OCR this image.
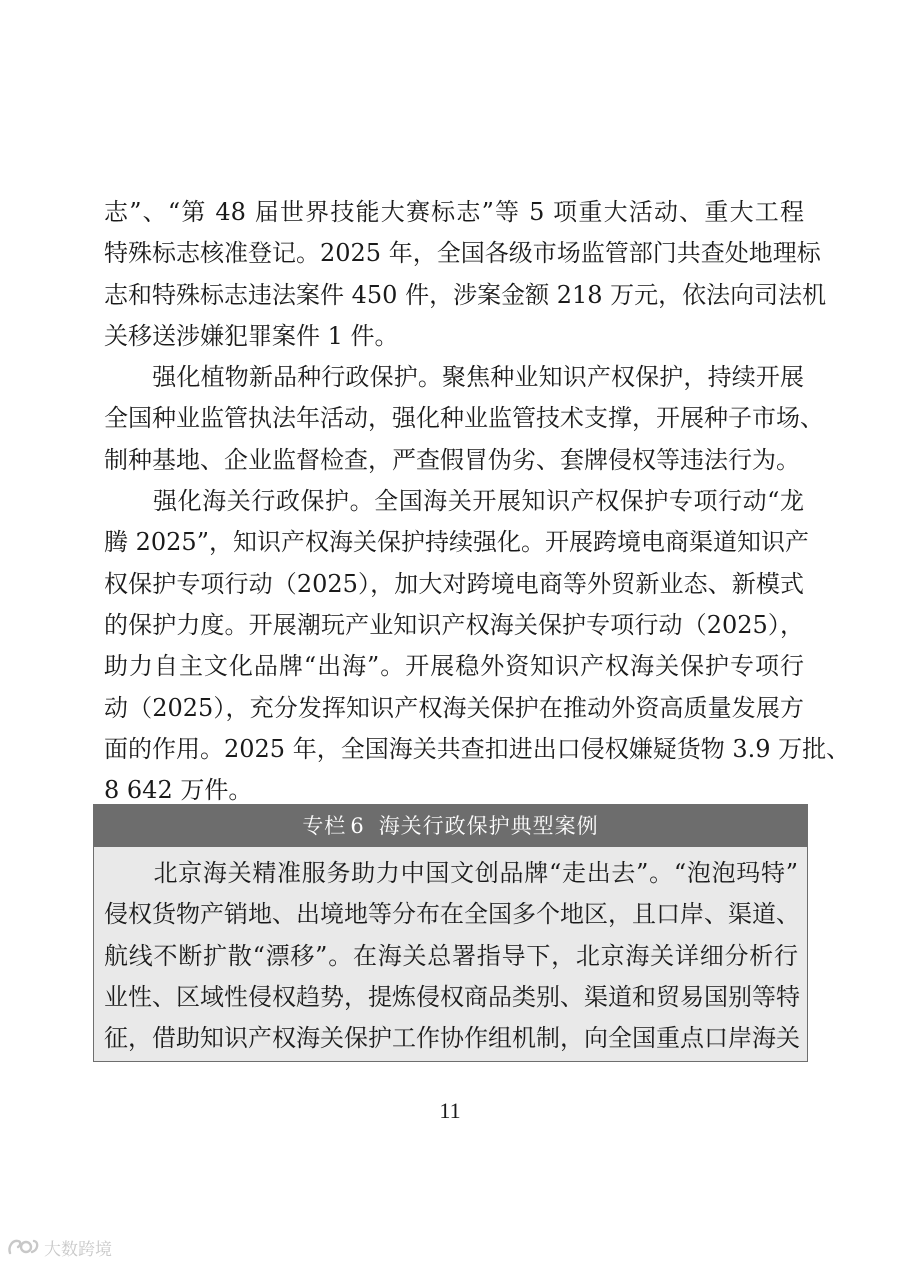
志”、“第 48 届世界技能大赛标志”等 5 项重大活动、重大工程
特殊标志核准登记。2025 年，全国各级市场监管部门共查处地理标
志和特殊标志违法案件 450 件，涉案金额 218 万元，依法向司法机
关移送涉嫌犯罪案件 1 件。
　　强化植物新品种行政保护。聚焦种业知识产权保护，持续开展
全国种业监管执法年活动，强化种业监管技术支撑，开展种子市场、
制种基地、企业监督检查，严查假冒伪劣、套牌侵权等违法行为。
　　强化海关行政保护。全国海关开展知识产权保护专项行动“龙
腾 2025”，知识产权海关保护持续强化。开展跨境电商渠道知识产
权保护专项行动（2025），加大对跨境电商等外贸新业态、新模式
的保护力度。开展潮玩产业知识产权海关保护专项行动（2025），
助力自主文化品牌“出海”。开展稳外资知识产权海关保护专项行
动（2025），充分发挥知识产权海关保护在推动外资高质量发展方
面的作用。2025 年，全国海关共查扣进出口侵权嫌疑货物 3.9 万批、
8 642 万件。
专栏 6 海关行政保护典型案例
　　北京海关精准服务助力中国文创品牌“走出去”。“泡泡玛特”
侵权货物产销地、出境地等分布在全国多个地区，且口岸、渠道、
航线不断扩散“漂移”。在海关总署指导下，北京海关详细分析行
业性、区域性侵权趋势，提炼侵权商品类别、渠道和贸易国别等特
征，借助知识产权海关保护工作协作组机制，向全国重点口岸海关
11
大数跨境
